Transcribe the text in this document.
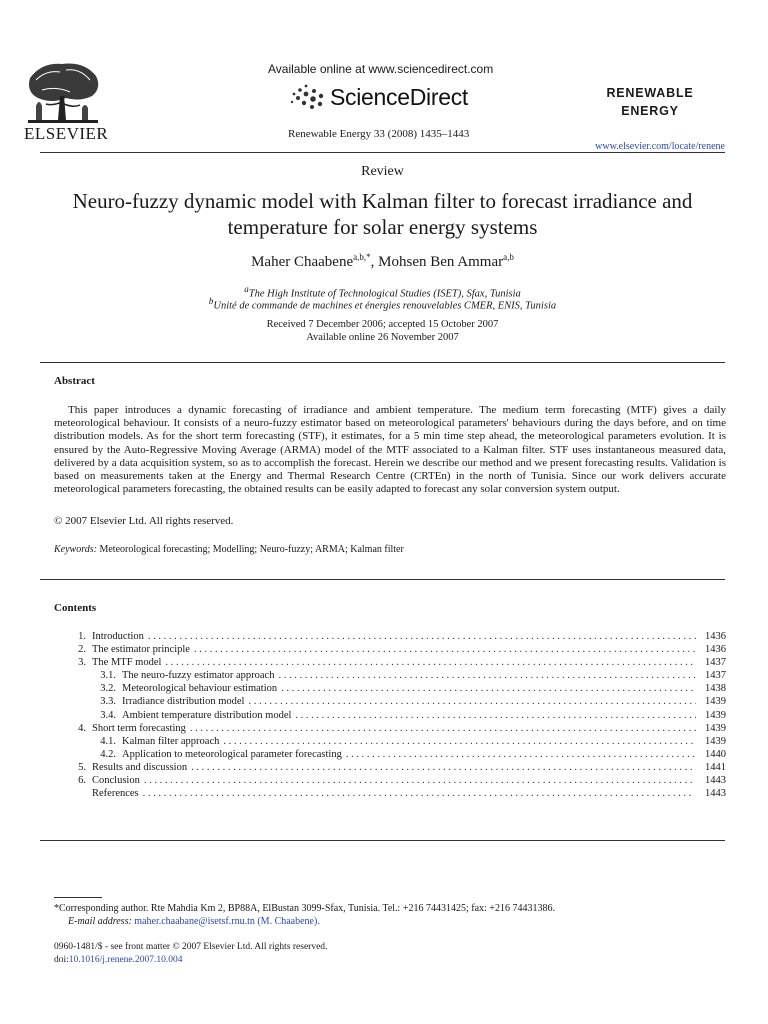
ELSEVIER
Available online at www.sciencedirect.com
ScienceDirect
Renewable Energy 33 (2008) 1435–1443
RENEWABLE
ENERGY
www.elsevier.com/locate/renene
Review
Neuro-fuzzy dynamic model with Kalman filter to forecast irradiance and temperature for solar energy systems
Maher Chaabene$^{a,b,*}$, Mohsen Ben Ammar$^{a,b}$
$^a$The High Institute of Technological Studies (ISET), Sfax, Tunisia
$^b$Unité de commande de machines et énergies renouvelables CMER, ENIS, Tunisia
Received 7 December 2006; accepted 15 October 2007
Available online 26 November 2007
Abstract
This paper introduces a dynamic forecasting of irradiance and ambient temperature. The medium term forecasting (MTF) gives a daily meteorological behaviour. It consists of a neuro-fuzzy estimator based on meteorological parameters' behaviours during the days before, and on time distribution models. As for the short term forecasting (STF), it estimates, for a 5 min time step ahead, the meteorological parameters evolution. It is ensured by the Auto-Regressive Moving Average (ARMA) model of the MTF associated to a Kalman filter. STF uses instantaneous measured data, delivered by a data acquisition system, so as to accomplish the forecast. Herein we describe our method and we present forecasting results. Validation is based on measurements taken at the Energy and Thermal Research Centre (CRTEn) in the north of Tunisia. Since our work delivers accurate meteorological parameters forecasting, the obtained results can be easily adapted to forecast any solar conversion system output.
© 2007 Elsevier Ltd. All rights reserved.
Keywords: Meteorological forecasting; Modelling; Neuro-fuzzy; ARMA; Kalman filter
Contents
1. Introduction . . .	1436
2. The estimator principle . . .	1436
3. The MTF model . . .	1437
3.1. The neuro-fuzzy estimator approach . . .	1437
3.2. Meteorological behaviour estimation . . .	1438
3.3. Irradiance distribution model . . .	1439
3.4. Ambient temperature distribution model . . .	1439
4. Short term forecasting . . .	1439
4.1. Kalman filter approach . . .	1439
4.2. Application to meteorological parameter forecasting . . .	1440
5. Results and discussion . . .	1441
6. Conclusion . . .	1443
References . . .	1443
*Corresponding author. Rte Mahdia Km 2, BP88A, ElBustan 3099-Sfax, Tunisia. Tel.: +216 74431425; fax: +216 74431386.
E-mail address: maher.chaabane@isetsf.rnu.tn (M. Chaabene).
0960-1481/$ - see front matter © 2007 Elsevier Ltd. All rights reserved.
doi:10.1016/j.renene.2007.10.004
